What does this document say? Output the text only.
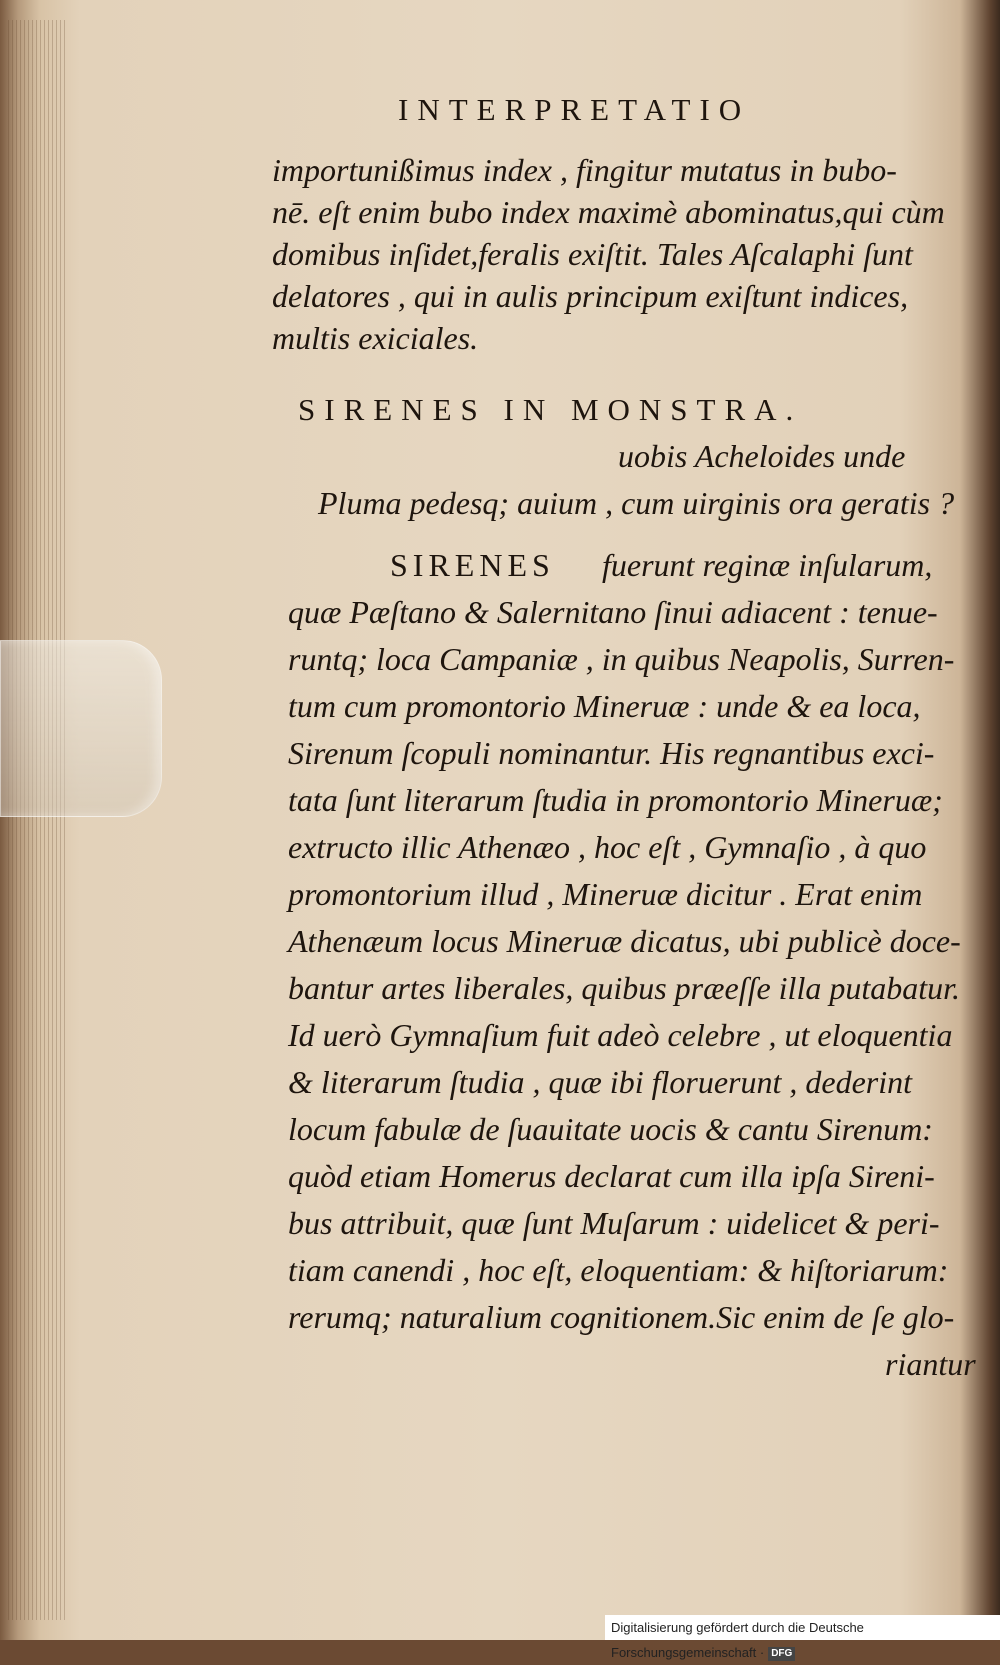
INTERPRETATIO
importunißimus index , fingitur mutatus in bubo-
nē. eſt enim bubo index maximè abominatus,qui cùm
domibus inſidet,feralis exiſtit. Tales Aſcalaphi ſunt
delatores , qui in aulis principum exiſtunt indices,
multis exiciales.
SIRENES IN MONSTRA.
uobis Acheloides unde
Pluma pedesq; auium , cum uirginis ora geratis ?
SIRENES fuerunt reginæ inſularum,
quæ Pæſtano & Salernitano ſinui adiacent : tenue-
runtq; loca Campaniæ , in quibus Neapolis, Surren-
tum cum promontorio Mineruæ : unde & ea loca,
Sirenum ſcopuli nominantur. His regnantibus exci-
tata ſunt literarum ſtudia in promontorio Mineruæ;
extructo illic Athenæo , hoc eſt , Gymnaſio , à quo
promontorium illud , Mineruæ dicitur . Erat enim
Athenæum locus Mineruæ dicatus, ubi publicè doce-
bantur artes liberales, quibus præeſſe illa putabatur.
Id uerò Gymnaſium fuit adeò celebre , ut eloquentia
& literarum ſtudia , quæ ibi floruerunt , dederint
locum fabulæ de ſuauitate uocis & cantu Sirenum:
quòd etiam Homerus declarat cum illa ipſa Sireni-
bus attribuit, quæ ſunt Muſarum : uidelicet & peri-
tiam canendi , hoc eſt, eloquentiam: & hiſtoriarum:
rerumq; naturalium cognitionem.Sic enim de ſe glo-
riantur
Digitalisierung gefördert durch die Deutsche Forschungsgemeinschaft · DFG
